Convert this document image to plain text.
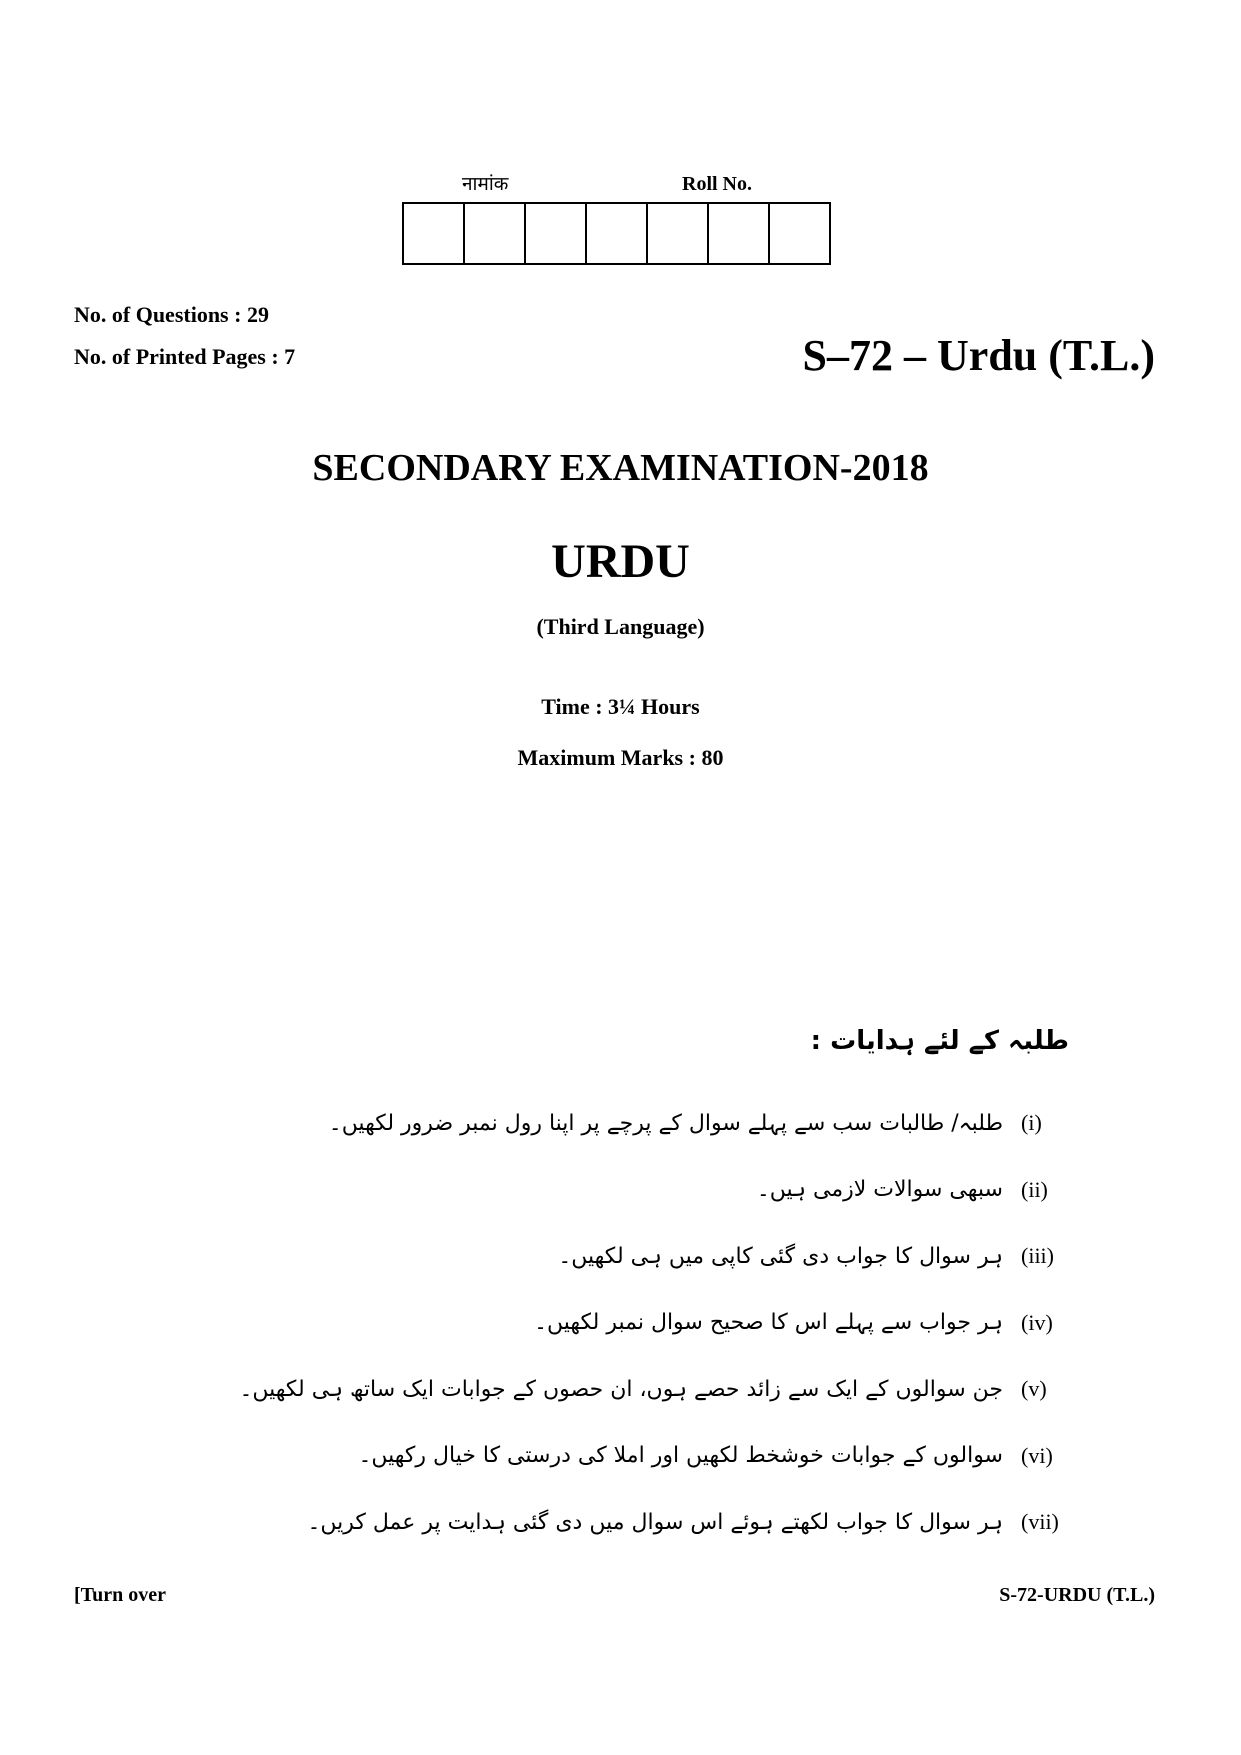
नामांक	Roll No.
No. of Questions : 29
No. of Printed Pages : 7	S–72 – Urdu (T.L.)
SECONDARY EXAMINATION-2018
URDU
(Third Language)
Time : 3¼ Hours
Maximum Marks : 80
طلبہ کے لئے ہدایات :
(i)
طلبہ/ طالبات سب سے پہلے سوال کے پرچے پر اپنا رول نمبر ضرور لکھیں۔
(ii)
سبھی سوالات لازمی ہیں۔
(iii)
ہر سوال کا جواب دی گئی کاپی میں ہی لکھیں۔
(iv)
ہر جواب سے پہلے اس کا صحیح سوال نمبر لکھیں۔
(v)
جن سوالوں کے ایک سے زائد حصے ہوں، ان حصوں کے جوابات ایک ساتھ ہی لکھیں۔
(vi)
سوالوں کے جوابات خوشخط لکھیں اور املا کی درستی کا خیال رکھیں۔
(vii)
ہر سوال کا جواب لکھتے ہوئے اس سوال میں دی گئی ہدایت پر عمل کریں۔
[Turn over	S-72-URDU (T.L.)
